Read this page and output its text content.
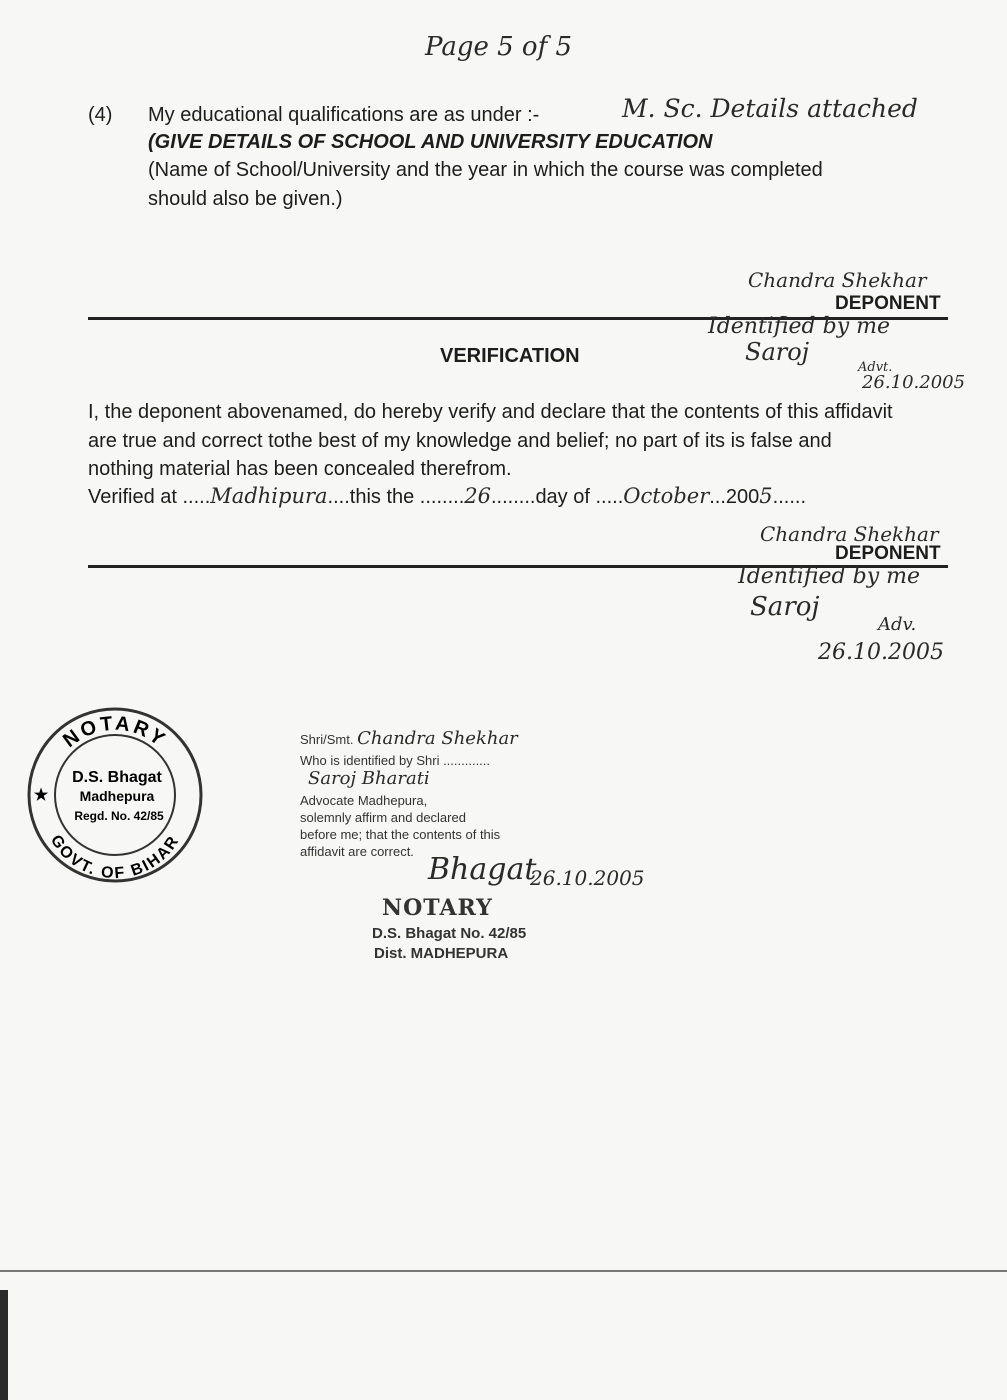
Page 5 of 5
(4) My educational qualifications are as under :-	M. Sc. Details attached
(GIVE DETAILS OF SCHOOL AND UNIVERSITY EDUCATION
(Name of School/University and the year in which the course was completed
should also be given.)
Chandra Shekhar
DEPONENT
Identified by me
Saroj
Advt.
26.10.2005
VERIFICATION
I, the deponent abovenamed, do hereby verify and declare that the contents of this affidavit
are true and correct tothe best of my knowledge and belief; no part of its is false and
nothing material has been concealed therefrom.
Verified at .....Madhipura....this the ........26........day of .....October...2005......
Chandra Shekhar
DEPONENT
Identified by me
Saroj
Adv.
26.10.2005
NOTARY
GOVT. OF BIHAR
D.S. Bhagat
Madhepura
Regd. No. 42/85
★
Shri/Smt. Chandra Shekhar
Who is identified by Shri .............
Saroj Bharati
Advocate Madhepura,
solemnly affirm and declared
before me; that the contents of this
affidavit are correct.
Bhagat
26.10.2005
NOTARY
D.S. Bhagat No. 42/85
Dist. MADHEPURA
